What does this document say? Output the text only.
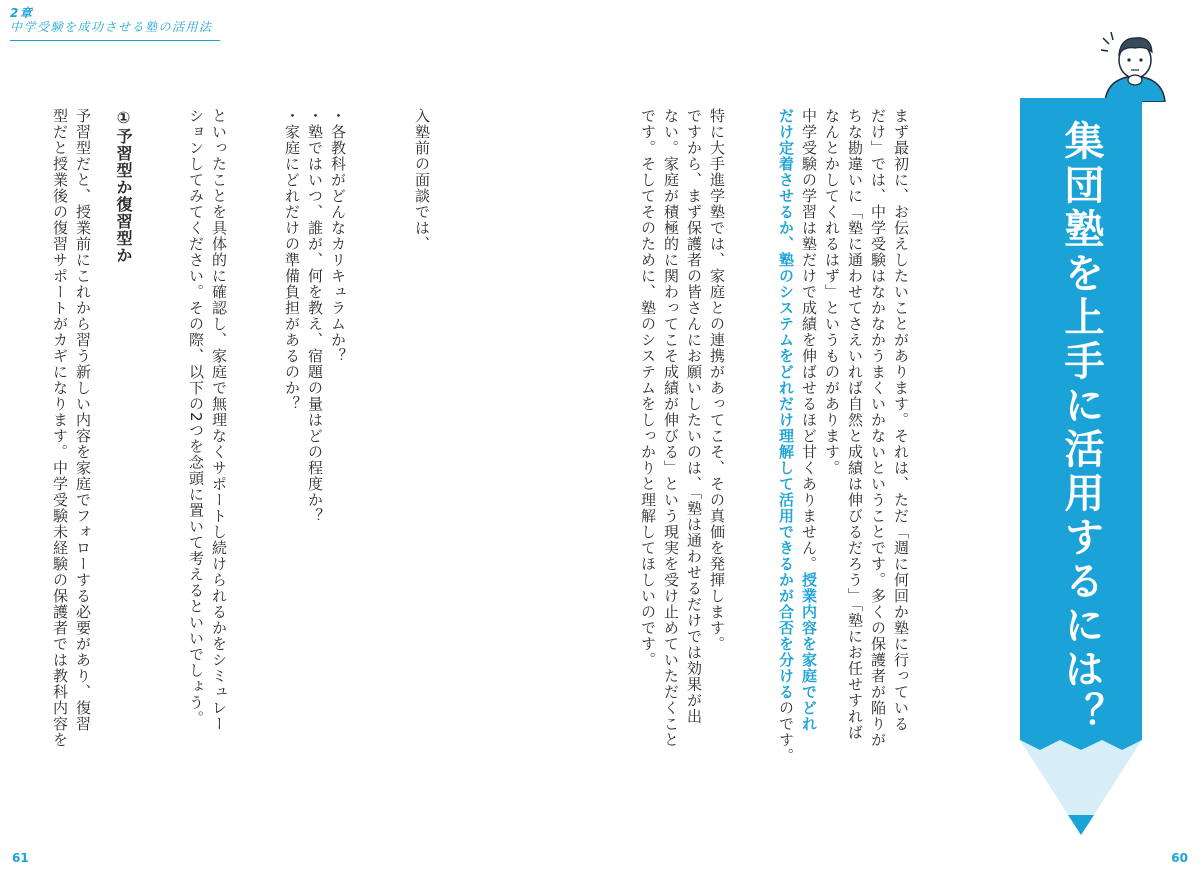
2章
中学受験を成功させる塾の活用法
集団塾を上手に活用するには？
まず最初に、お伝えしたいことがあります。それは、ただ「週に何回か塾に行っている
だけ」では、中学受験はなかなかうまくいかないということです。多くの保護者が陥りが
ちな勘違いに「塾に通わせてさえいれば自然と成績は伸びるだろう」「塾にお任せすれば
なんとかしてくれるはず」というものがあります。
中学受験の学習は塾だけで成績を伸ばせるほど甘くありません。授業内容を家庭でどれ
だけ定着させるか、塾のシステムをどれだけ理解して活用できるかが合否を分けるのです。
特に大手進学塾では、家庭との連携があってこそ、その真価を発揮します。
ですから、まず保護者の皆さんにお願いしたいのは、「塾は通わせるだけでは効果が出
ない。家庭が積極的に関わってこそ成績が伸びる」という現実を受け止めていただくこと
です。そしてそのために、塾のシステムをしっかりと理解してほしいのです。
入塾前の面談では、
・各教科がどんなカリキュラムか？
・塾ではいつ、誰が、何を教え、宿題の量はどの程度か？
・家庭にどれだけの準備負担があるのか？
といったことを具体的に確認し、家庭で無理なくサポートし続けられるかをシミュレー
ションしてみてください。その際、以下の2つを念頭に置いて考えるといいでしょう。
①予習型か復習型か
予習型だと、授業前にこれから習う新しい内容を家庭でフォローする必要があり、復習
型だと授業後の復習サポートがカギになります。中学受験未経験の保護者では教科内容を
61	60
